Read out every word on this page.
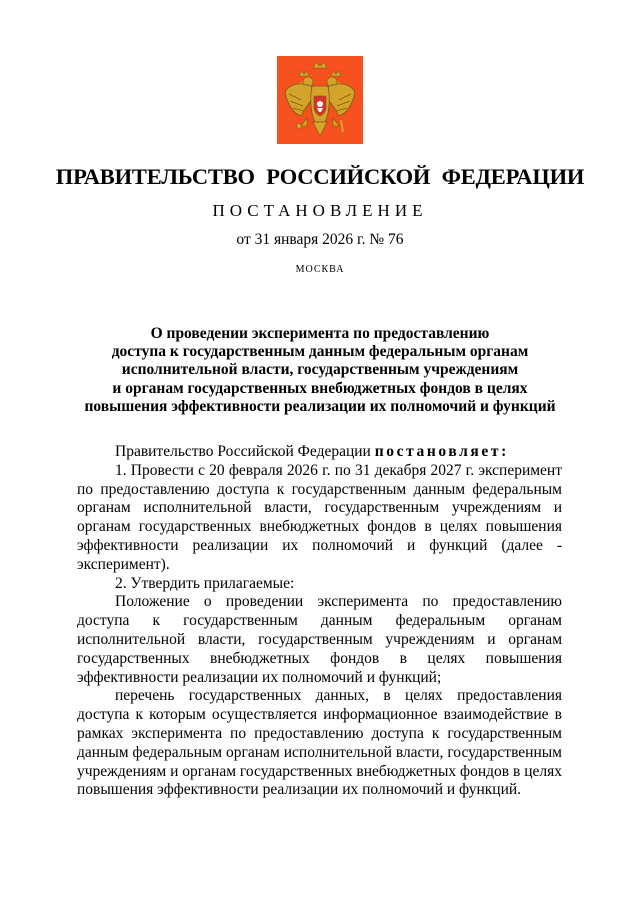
ПРАВИТЕЛЬСТВО РОССИЙСКОЙ ФЕДЕРАЦИИ
ПОСТАНОВЛЕНИЕ
от 31 января 2026 г. № 76
МОСКВА
О проведении эксперимента по предоставлению
доступа к государственным данным федеральным органам
исполнительной власти, государственным учреждениям
и органам государственных внебюджетных фондов в целях
повышения эффективности реализации их полномочий и функций

Правительство Российской Федерации постановляет:

1. Провести с 20 февраля 2026 г. по 31 декабря 2027 г. эксперимент по предоставлению доступа к государственным данным федеральным органам исполнительной власти, государственным учреждениям и органам государственных внебюджетных фондов в целях повышения эффективности реализации их полномочий и функций (далее - эксперимент).

2. Утвердить прилагаемые:

Положение о проведении эксперимента по предоставлению доступа к государственным данным федеральным органам исполнительной власти, государственным учреждениям и органам государственных внебюджетных фондов в целях повышения эффективности реализации их полномочий и функций;

перечень государственных данных, в целях предоставления доступа к которым осуществляется информационное взаимодействие в рамках эксперимента по предоставлению доступа к государственным данным федеральным органам исполнительной власти, государственным учреждениям и органам государственных внебюджетных фондов в целях повышения эффективности реализации их полномочий и функций.
